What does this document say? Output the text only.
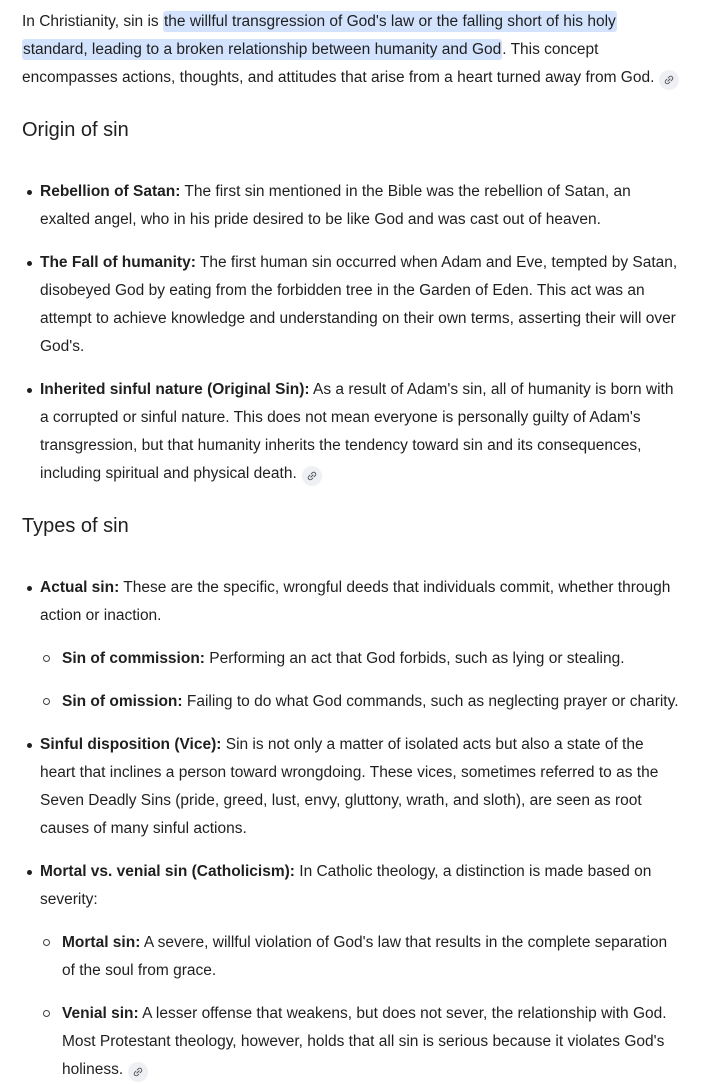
In Christianity, sin is the willful transgression of God's law or the falling short of his holy standard, leading to a broken relationship between humanity and God. This concept encompasses actions, thoughts, and attitudes that arise from a heart turned away from God.

Origin of sin
Rebellion of Satan: The first sin mentioned in the Bible was the rebellion of Satan, an exalted angel, who in his pride desired to be like God and was cast out of heaven.
The Fall of humanity: The first human sin occurred when Adam and Eve, tempted by Satan, disobeyed God by eating from the forbidden tree in the Garden of Eden. This act was an attempt to achieve knowledge and understanding on their own terms, asserting their will over God's.
Inherited sinful nature (Original Sin): As a result of Adam's sin, all of humanity is born with a corrupted or sinful nature. This does not mean everyone is personally guilty of Adam's transgression, but that humanity inherits the tendency toward sin and its consequences, including spiritual and physical death.
Types of sin
Actual sin: These are the specific, wrongful deeds that individuals commit, whether through action or inaction.
Sin of commission: Performing an act that God forbids, such as lying or stealing.
Sin of omission: Failing to do what God commands, such as neglecting prayer or charity.
Sinful disposition (Vice): Sin is not only a matter of isolated acts but also a state of the heart that inclines a person toward wrongdoing. These vices, sometimes referred to as the Seven Deadly Sins (pride, greed, lust, envy, gluttony, wrath, and sloth), are seen as root causes of many sinful actions.
Mortal vs. venial sin (Catholicism): In Catholic theology, a distinction is made based on severity:
Mortal sin: A severe, willful violation of God's law that results in the complete separation of the soul from grace.
Venial sin: A lesser offense that weakens, but does not sever, the relationship with God. Most Protestant theology, however, holds that all sin is serious because it violates God's holiness.
